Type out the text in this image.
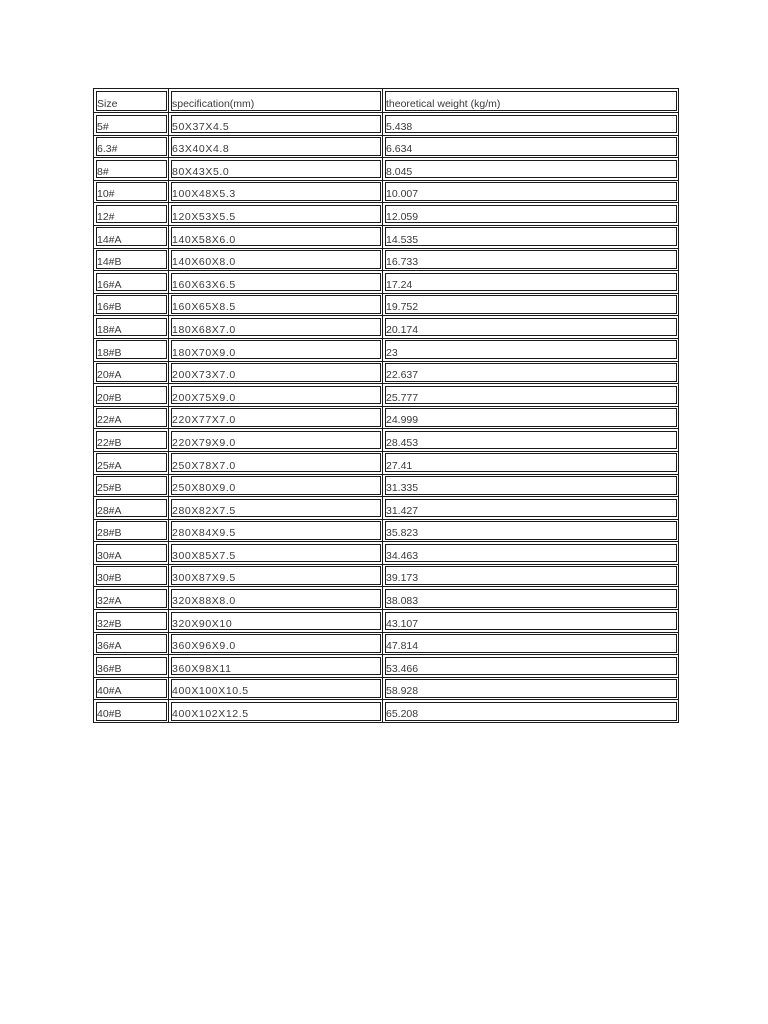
Size	specification(mm)	theoretical weight (kg/m)
5#	50X37X4.5	5.438
6.3#	63X40X4.8	6.634
8#	80X43X5.0	8.045
10#	100X48X5.3	10.007
12#	120X53X5.5	12.059
14#A	140X58X6.0	14.535
14#B	140X60X8.0	16.733
16#A	160X63X6.5	17.24
16#B	160X65X8.5	19.752
18#A	180X68X7.0	20.174
18#B	180X70X9.0	23
20#A	200X73X7.0	22.637
20#B	200X75X9.0	25.777
22#A	220X77X7.0	24.999
22#B	220X79X9.0	28.453
25#A	250X78X7.0	27.41
25#B	250X80X9.0	31.335
28#A	280X82X7.5	31.427
28#B	280X84X9.5	35.823
30#A	300X85X7.5	34.463
30#B	300X87X9.5	39.173
32#A	320X88X8.0	38.083
32#B	320X90X10	43.107
36#A	360X96X9.0	47.814
36#B	360X98X11	53.466
40#A	400X100X10.5	58.928
40#B	400X102X12.5	65.208
